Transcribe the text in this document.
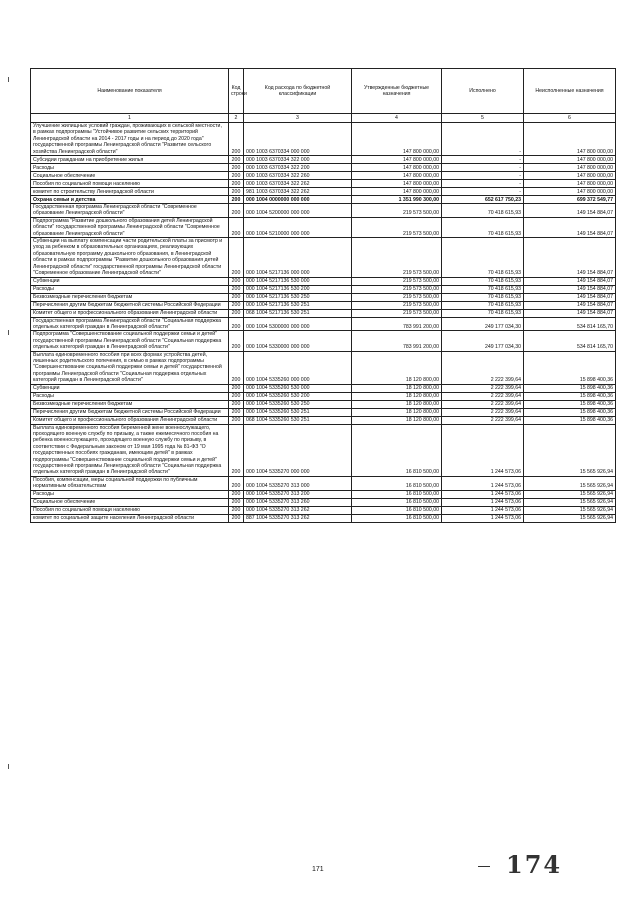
Наименование показателя	Код строки	Код расхода по бюджетной классификации	Утвержденные бюджетные назначения	Исполнено	Неисполненные назначения
1	2	3	4	5	6
Улучшение жилищных условий граждан, проживающих в сельской местности, в рамках подпрограммы "Устойчивое развитие сельских территорий Ленинградской области на 2014 - 2017 годы и на период до 2020 года" государственной программы Ленинградской области "Развитие сельского хозяйства Ленинградской области"	200	000 1003 6370334 000 000	147 800 000,00	-	147 800 000,00
Субсидии гражданам на приобретение жилья	200	000 1003 6370334 322 000	147 800 000,00	-	147 800 000,00
Расходы	200	000 1003 6370334 322 200	147 800 000,00	-	147 800 000,00
Социальное обеспечение	200	000 1003 6370334 322 260	147 800 000,00	-	147 800 000,00
Пособия по социальной помощи населению	200	000 1003 6370334 322 262	147 800 000,00	-	147 800 000,00
комитет по строительству Ленинградской области	200	981 1003 6370334 322 262	147 800 000,00	-	147 800 000,00
Охрана семьи и детства	200	000 1004 0000000 000 000	1 351 990 300,00	652 617 750,23	699 372 549,77
Государственная программа Ленинградской области "Современное образование Ленинградской области"	200	000 1004 5200000 000 000	219 573 500,00	70 418 615,93	149 154 884,07
Подпрограмма "Развитие дошкольного образования детей Ленинградской области" государственной программы Ленинградской области "Современное образование Ленинградской области"	200	000 1004 5210000 000 000	219 573 500,00	70 418 615,93	149 154 884,07
Субвенции на выплату компенсации части родительской платы за присмотр и уход за ребенком в образовательных организациях, реализующих образовательную программу дошкольного образования, в Ленинградской области в рамках подпрограммы "Развитие дошкольного образования детей Ленинградской области" государственной программы Ленинградской области "Современное образование Ленинградской области"	200	000 1004 5217136 000 000	219 573 500,00	70 418 615,93	149 154 884,07
Субвенции	200	000 1004 5217136 530 000	219 573 500,00	70 418 615,93	149 154 884,07
Расходы	200	000 1004 5217136 530 200	219 573 500,00	70 418 615,93	149 154 884,07
Безвозмездные перечисления бюджетам	200	000 1004 5217136 530 250	219 573 500,00	70 418 615,93	149 154 884,07
Перечисления другим бюджетам бюджетной системы Российской Федерации	200	000 1004 5217136 530 251	219 573 500,00	70 418 615,93	149 154 884,07
Комитет общего и профессионального образования Ленинградской области	200	068 1004 5217136 530 251	219 573 500,00	70 418 615,93	149 154 884,07
Государственная программа Ленинградской области "Социальная поддержка отдельных категорий граждан в Ленинградской области"	200	000 1004 5300000 000 000	783 991 200,00	249 177 034,30	534 814 165,70
Подпрограмма "Совершенствование социальной поддержки семьи и детей" государственной программы Ленинградской области "Социальная поддержка отдельных категорий граждан в Ленинградской области"	200	000 1004 5330000 000 000	783 991 200,00	249 177 034,30	534 814 165,70
Выплата единовременного пособия при всех формах устройства детей, лишенных родительского попечения, в семью в рамках подпрограммы "Совершенствование социальной поддержки семьи и детей" государственной программы Ленинградской области "Социальная поддержка отдельных категорий граждан в Ленинградской области"	200	000 1004 5335260 000 000	18 120 800,00	2 222 399,64	15 898 400,36
Субвенции	200	000 1004 5335260 530 000	18 120 800,00	2 222 399,64	15 898 400,36
Расходы	200	000 1004 5335260 530 200	18 120 800,00	2 222 399,64	15 898 400,36
Безвозмездные перечисления бюджетам	200	000 1004 5335260 530 250	18 120 800,00	2 222 399,64	15 898 400,36
Перечисления другим бюджетам бюджетной системы Российской Федерации	200	000 1004 5335260 530 251	18 120 800,00	2 222 399,64	15 898 400,36
Комитет общего и профессионального образования Ленинградской области	200	068 1004 5335260 530 251	18 120 800,00	2 222 399,64	15 898 400,36
Выплата единовременного пособия беременной жене военнослужащего, проходящего военную службу по призыву, а также ежемесячного пособия на ребенка военнослужащего, проходящего военную службу по призыву, в соответствии с Федеральным законом от 19 мая 1995 года № 81-ФЗ "О государственных пособиях гражданам, имеющим детей" в рамках подпрограммы "Совершенствование социальной поддержки семьи и детей" государственной программы Ленинградской области "Социальная поддержка отдельных категорий граждан в Ленинградской области"	200	000 1004 5335270 000 000	16 810 500,00	1 244 573,06	15 565 926,94
Пособия, компенсации, меры социальной поддержки по публичным нормативным обязательствам	200	000 1004 5335270 313 000	16 810 500,00	1 244 573,06	15 565 926,94
Расходы	200	000 1004 5335270 313 200	16 810 500,00	1 244 573,06	15 565 926,94
Социальное обеспечение	200	000 1004 5335270 313 260	16 810 500,00	1 244 573,06	15 565 926,94
Пособия по социальной помощи населению	200	000 1004 5335270 313 262	16 810 500,00	1 244 573,06	15 565 926,94
комитет по социальной защите населения Ленинградской области	200	887 1004 5335270 313 262	16 810 500,00	1 244 573,06	15 565 926,94
171	174
